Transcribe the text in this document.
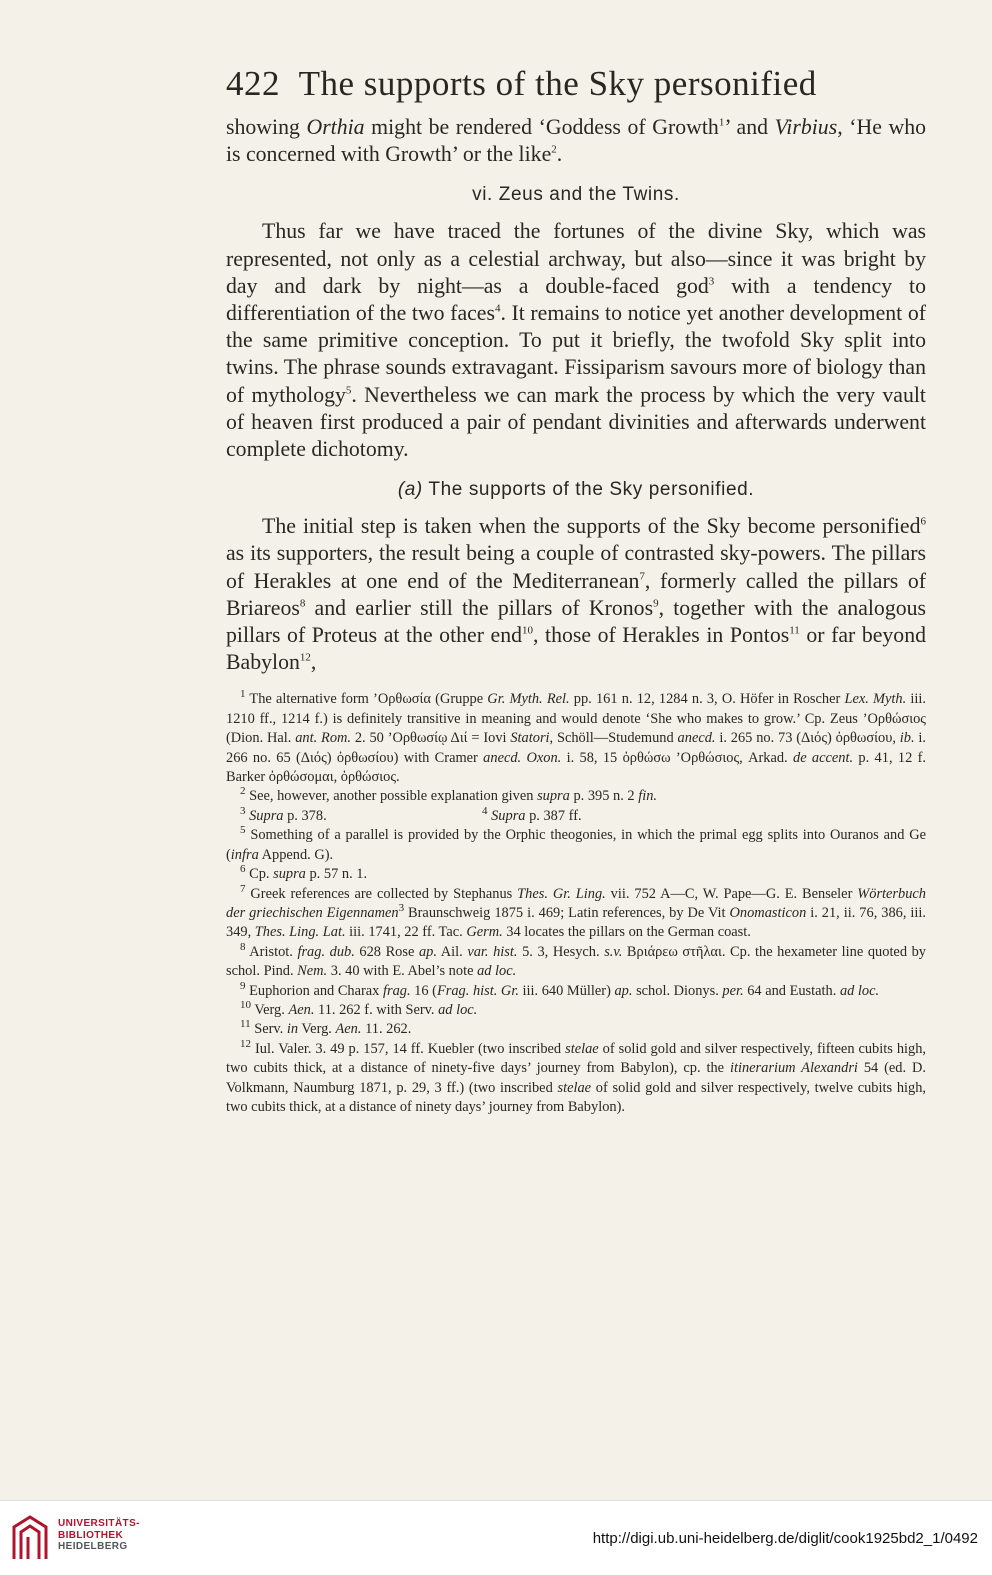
422 The supports of the Sky personified

showing Orthia might be rendered ‘Goddess of Growth$^1$’ and Virbius, ‘He who is concerned with Growth’ or the like$^2$.

vi. Zeus and the Twins.

Thus far we have traced the fortunes of the divine Sky, which was represented, not only as a celestial archway, but also—since it was bright by day and dark by night—as a double-faced god$^3$ with a tendency to differentiation of the two faces$^4$. It remains to notice yet another development of the same primitive conception. To put it briefly, the twofold Sky split into twins. The phrase sounds extravagant. Fissiparism savours more of biology than of mythology$^5$. Nevertheless we can mark the process by which the very vault of heaven first produced a pair of pendant divinities and afterwards underwent complete dichotomy.

(a) The supports of the Sky personified.

The initial step is taken when the supports of the Sky become personified$^6$ as its supporters, the result being a couple of contrasted sky-powers. The pillars of Herakles at one end of the Mediterranean$^7$, formerly called the pillars of Briareos$^8$ and earlier still the pillars of Kronos$^9$, together with the analogous pillars of Proteus at the other end$^{10}$, those of Herakles in Pontos$^{11}$ or far beyond Babylon$^{12}$,

$^1$ The alternative form ’Ορθωσία (Gruppe Gr. Myth. Rel. pp. 161 n. 12, 1284 n. 3, O. Höfer in Roscher Lex. Myth. iii. 1210 ff., 1214 f.) is definitely transitive in meaning and would denote ‘She who makes to grow.’ Cp. Zeus ’Ορθώσιος (Dion. Hal. ant. Rom. 2. 50 ’Ορθωσίῳ Διί = Iovi Statori, Schöll—Studemund anecd. i. 265 no. 73 (Διός) ὀρθωσίου, ib. i. 266 no. 65 (Διός) ὀρθωσίου) with Cramer anecd. Oxon. i. 58, 15 ὀρθώσω ’Ορθώσιος, Arkad. de accent. p. 41, 12 f. Barker ὀρθώσομαι, ὀρθώσιος.

$^2$ See, however, another possible explanation given supra p. 395 n. 2 fin.

$^3$ Supra p. 378.	$^4$ Supra p. 387 ff.

$^5$ Something of a parallel is provided by the Orphic theogonies, in which the primal egg splits into Ouranos and Ge (infra Append. G).

$^6$ Cp. supra p. 57 n. 1.

$^7$ Greek references are collected by Stephanus Thes. Gr. Ling. vii. 752 A—C, W. Pape—G. E. Benseler Wörterbuch der griechischen Eigennamen$^3$ Braunschweig 1875 i. 469; Latin references, by De Vit Onomasticon i. 21, ii. 76, 386, iii. 349, Thes. Ling. Lat. iii. 1741, 22 ff. Tac. Germ. 34 locates the pillars on the German coast.

$^8$ Aristot. frag. dub. 628 Rose ap. Ail. var. hist. 5. 3, Hesych. s.v. Βριάρεω στῆλαι. Cp. the hexameter line quoted by schol. Pind. Nem. 3. 40 with E. Abel’s note ad loc.

$^9$ Euphorion and Charax frag. 16 (Frag. hist. Gr. iii. 640 Müller) ap. schol. Dionys. per. 64 and Eustath. ad loc.

$^{10}$ Verg. Aen. 11. 262 f. with Serv. ad loc.

$^{11}$ Serv. in Verg. Aen. 11. 262.

$^{12}$ Iul. Valer. 3. 49 p. 157, 14 ff. Kuebler (two inscribed stelae of solid gold and silver respectively, fifteen cubits high, two cubits thick, at a distance of ninety-five days’ journey from Babylon), cp. the itinerarium Alexandri 54 (ed. D. Volkmann, Naumburg 1871, p. 29, 3 ff.) (two inscribed stelae of solid gold and silver respectively, twelve cubits high, two cubits thick, at a distance of ninety days’ journey from Babylon).

UNIVERSITÄTS-
BIBLIOTHEK
HEIDELBERG	http://digi.ub.uni-heidelberg.de/diglit/cook1925bd2_1/0492
